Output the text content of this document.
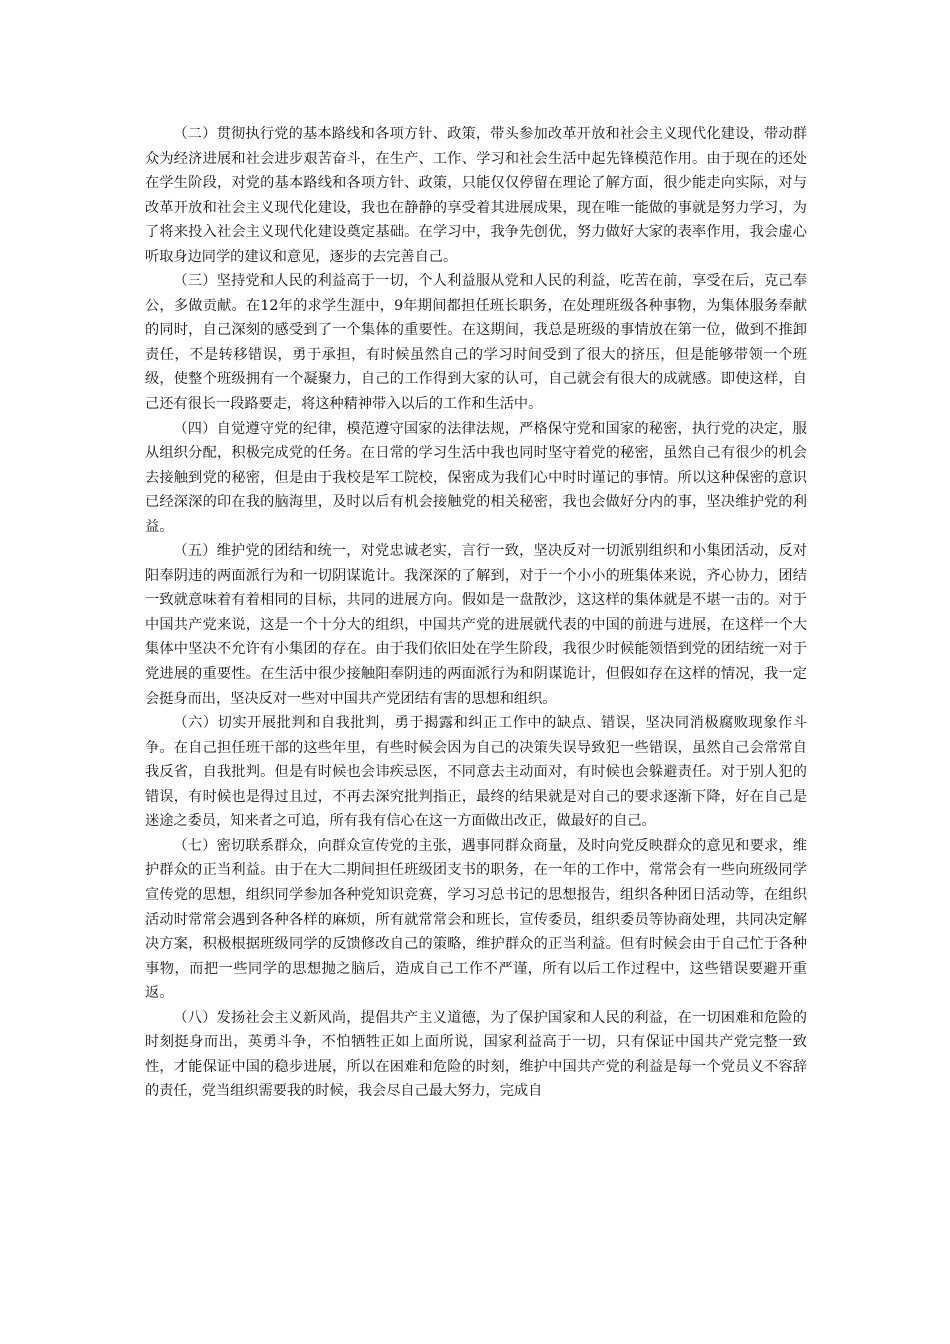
（二）贯彻执行党的基本路线和各项方针、政策，带头参加改革开放和社会主义现代化建设，带动群众为经济进展和社会进步艰苦奋斗，在生产、工作、学习和社会生活中起先锋模范作用。由于现在的还处在学生阶段，对党的基本路线和各项方针、政策，只能仅仅停留在理论了解方面，很少能走向实际，对与改革开放和社会主义现代化建设，我也在静静的享受着其进展成果，现在唯一能做的事就是努力学习，为了将来投入社会主义现代化建设奠定基础。在学习中，我争先创优，努力做好大家的表率作用，我会虚心听取身边同学的建议和意见，逐步的去完善自己。

（三）坚持党和人民的利益高于一切，个人利益服从党和人民的利益，吃苦在前，享受在后，克己奉公，多做贡献。在12年的求学生涯中，9年期间都担任班长职务，在处理班级各种事物，为集体服务奉献的同时，自己深刻的感受到了一个集体的重要性。在这期间，我总是班级的事情放在第一位，做到不推卸责任，不是转移错误，勇于承担，有时候虽然自己的学习时间受到了很大的挤压，但是能够带领一个班级，使整个班级拥有一个凝聚力，自己的工作得到大家的认可，自己就会有很大的成就感。即使这样，自己还有很长一段路要走，将这种精神带入以后的工作和生活中。

（四）自觉遵守党的纪律，模范遵守国家的法律法规，严格保守党和国家的秘密，执行党的决定，服从组织分配，积极完成党的任务。在日常的学习生活中我也同时坚守着党的秘密，虽然自己有很少的机会去接触到党的秘密，但是由于我校是军工院校，保密成为我们心中时时谨记的事情。所以这种保密的意识已经深深的印在我的脑海里，及时以后有机会接触党的相关秘密，我也会做好分内的事，坚决维护党的利益。

（五）维护党的团结和统一，对党忠诚老实，言行一致，坚决反对一切派别组织和小集团活动，反对阳奉阴违的两面派行为和一切阴谋诡计。我深深的了解到，对于一个小小的班集体来说，齐心协力，团结一致就意味着有着相同的目标，共同的进展方向。假如是一盘散沙，这这样的集体就是不堪一击的。对于中国共产党来说，这是一个十分大的组织，中国共产党的进展就代表的中国的前进与进展，在这样一个大集体中坚决不允许有小集团的存在。由于我们依旧处在学生阶段，我很少时候能领悟到党的团结统一对于党进展的重要性。在生活中很少接触阳奉阴违的两面派行为和阴谋诡计，但假如存在这样的情况，我一定会挺身而出，坚决反对一些对中国共产党团结有害的思想和组织。

（六）切实开展批判和自我批判，勇于揭露和纠正工作中的缺点、错误，坚决同消极腐败现象作斗争。在自己担任班干部的这些年里，有些时候会因为自己的决策失误导致犯一些错误，虽然自己会常常自我反省，自我批判。但是有时候也会讳疾忌医，不同意去主动面对，有时候也会躲避责任。对于别人犯的错误，有时候也是得过且过，不再去深究批判指正，最终的结果就是对自己的要求逐渐下降，好在自己是迷途之委员，知来者之可追，所有我有信心在这一方面做出改正，做最好的自己。

（七）密切联系群众，向群众宣传党的主张，遇事同群众商量，及时向党反映群众的意见和要求，维护群众的正当利益。由于在大二期间担任班级团支书的职务，在一年的工作中，常常会有一些向班级同学宣传党的思想，组织同学参加各种党知识竞赛，学习习总书记的思想报告，组织各种团日活动等，在组织活动时常常会遇到各种各样的麻烦，所有就常常会和班长，宣传委员，组织委员等协商处理，共同决定解决方案，积极根据班级同学的反馈修改自己的策略，维护群众的正当利益。但有时候会由于自己忙于各种事物，而把一些同学的思想抛之脑后，造成自己工作不严谨，所有以后工作过程中，这些错误要避开重返。

（八）发扬社会主义新风尚，提倡共产主义道德，为了保护国家和人民的利益，在一切困难和危险的时刻挺身而出，英勇斗争，不怕牺牲正如上面所说，国家利益高于一切，只有保证中国共产党完整一致性，才能保证中国的稳步进展，所以在困难和危险的时刻，维护中国共产党的利益是每一个党员义不容辞的责任，党当组织需要我的时候，我会尽自己最大努力，完成自
